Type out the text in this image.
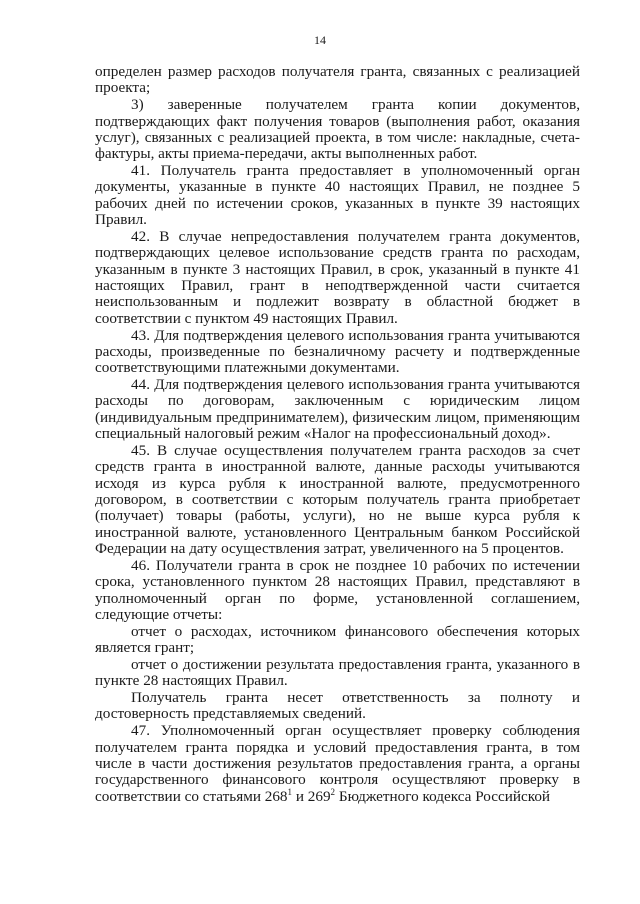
14

определен размер расходов получателя гранта, связанных с реализацией проекта;

3) заверенные получателем гранта копии документов, подтверждающих факт получения товаров (выполнения работ, оказания услуг), связанных с реализацией проекта, в том числе: накладные, счета-фактуры, акты приема-передачи, акты выполненных работ.

41. Получатель гранта предоставляет в уполномоченный орган документы, указанные в пункте 40 настоящих Правил, не позднее 5 рабочих дней по истечении сроков, указанных в пункте 39 настоящих Правил.

42. В случае непредоставления получателем гранта документов, подтверждающих целевое использование средств гранта по расходам, указанным в пункте 3 настоящих Правил, в срок, указанный в пункте 41 настоящих Правил, грант в неподтвержденной части считается неиспользованным и подлежит возврату в областной бюджет в соответствии с пунктом 49 настоящих Правил.

43. Для подтверждения целевого использования гранта учитываются расходы, произведенные по безналичному расчету и подтвержденные соответствующими платежными документами.

44. Для подтверждения целевого использования гранта учитываются расходы по договорам, заключенным с юридическим лицом (индивидуальным предпринимателем), физическим лицом, применяющим специальный налоговый режим «Налог на профессиональный доход».

45. В случае осуществления получателем гранта расходов за счет средств гранта в иностранной валюте, данные расходы учитываются исходя из курса рубля к иностранной валюте, предусмотренного договором, в соответствии с которым получатель гранта приобретает (получает) товары (работы, услуги), но не выше курса рубля к иностранной валюте, установленного Центральным банком Российской Федерации на дату осуществления затрат, увеличенного на 5 процентов.

46. Получатели гранта в срок не позднее 10 рабочих по истечении срока, установленного пунктом 28 настоящих Правил, представляют в уполномоченный орган по форме, установленной соглашением, следующие отчеты:

отчет о расходах, источником финансового обеспечения которых является грант;

отчет о достижении результата предоставления гранта, указанного в пункте 28 настоящих Правил.

Получатель гранта несет ответственность за полноту и достоверность представляемых сведений.

47. Уполномоченный орган осуществляет проверку соблюдения получателем гранта порядка и условий предоставления гранта, в том числе в части достижения результатов предоставления гранта, а органы государственного финансового контроля осуществляют проверку в соответствии со статьями $268^1$ и $269^2$ Бюджетного кодекса Российской
